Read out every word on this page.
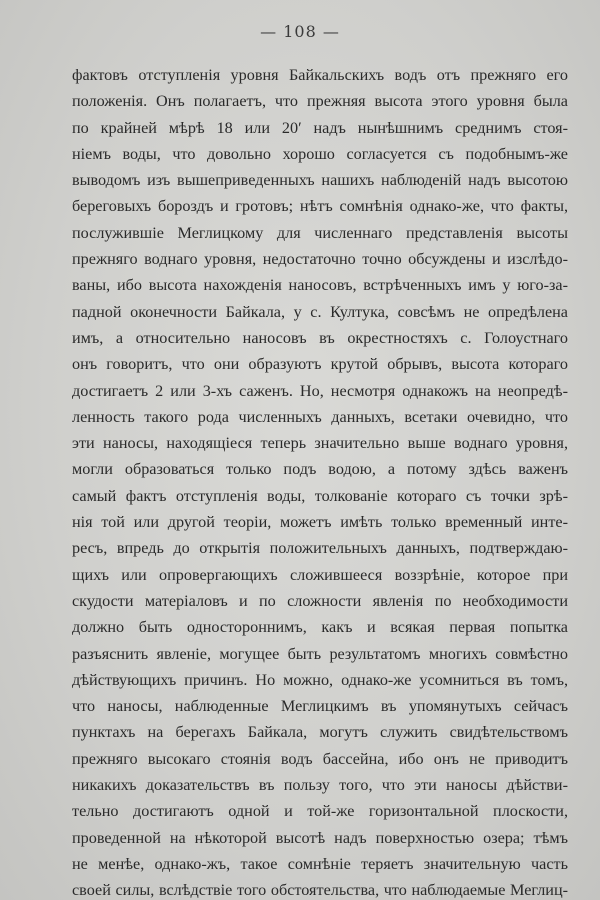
— 108 —
фактовъ отступленія уровня Байкальскихъ водъ отъ прежняго его
положенія. Онъ полагаетъ, что прежняя высота этого уровня была
по крайней мѣрѣ 18 или 20′ надъ нынѣшнимъ среднимъ стоя-
ніемъ воды, что довольно хорошо согласуется съ подобнымъ-же
выводомъ изъ вышеприведенныхъ нашихъ наблюденій надъ высотою
береговыхъ бороздъ и гротовъ; нѣтъ сомнѣнія однако-же, что факты,
послужившіе Меглицкому для численнаго представленія высоты
прежняго воднаго уровня, недостаточно точно обсуждены и изслѣдо-
ваны, ибо высота нахожденія наносовъ, встрѣченныхъ имъ у юго-за-
падной оконечности Байкала, у с. Култука, совсѣмъ не опредѣлена
имъ, а относительно наносовъ въ окрестностяхъ с. Голоустнаго
онъ говоритъ, что они образуютъ крутой обрывъ, высота котораго
достигаетъ 2 или 3-хъ саженъ. Но, несмотря однакожъ на неопредѣ-
ленность такого рода численныхъ данныхъ, всетаки очевидно, что
эти наносы, находящіеся теперь значительно выше воднаго уровня,
могли образоваться только подъ водою, а потому здѣсь важенъ
самый фактъ отступленія воды, толкованіе котораго съ точки зрѣ-
нія той или другой теоріи, можетъ имѣть только временный инте-
ресъ, впредь до открытія положительныхъ данныхъ, подтверждаю-
щихъ или опровергающихъ сложившееся воззрѣніе, которое при
скудости матеріаловъ и по сложности явленія по необходимости
должно быть одностороннимъ, какъ и всякая первая попытка
разъяснить явленіе, могущее быть результатомъ многихъ совмѣстно
дѣйствующихъ причинъ. Но можно, однако-же усомниться въ томъ,
что наносы, наблюденные Меглицкимъ въ упомянутыхъ сейчасъ
пунктахъ на берегахъ Байкала, могутъ служить свидѣтельствомъ
прежняго высокаго стоянія водъ бассейна, ибо онъ не приводитъ
никакихъ доказательствъ въ пользу того, что эти наносы дѣйстви-
тельно достигаютъ одной и той-же горизонтальной плоскости,
проведенной на нѣкоторой высотѣ надъ поверхностью озера; тѣмъ
не менѣе, однако-жъ, такое сомнѣніе теряетъ значительную часть
своей силы, вслѣдствіе того обстоятельства, что наблюдаемые Меглиц-
